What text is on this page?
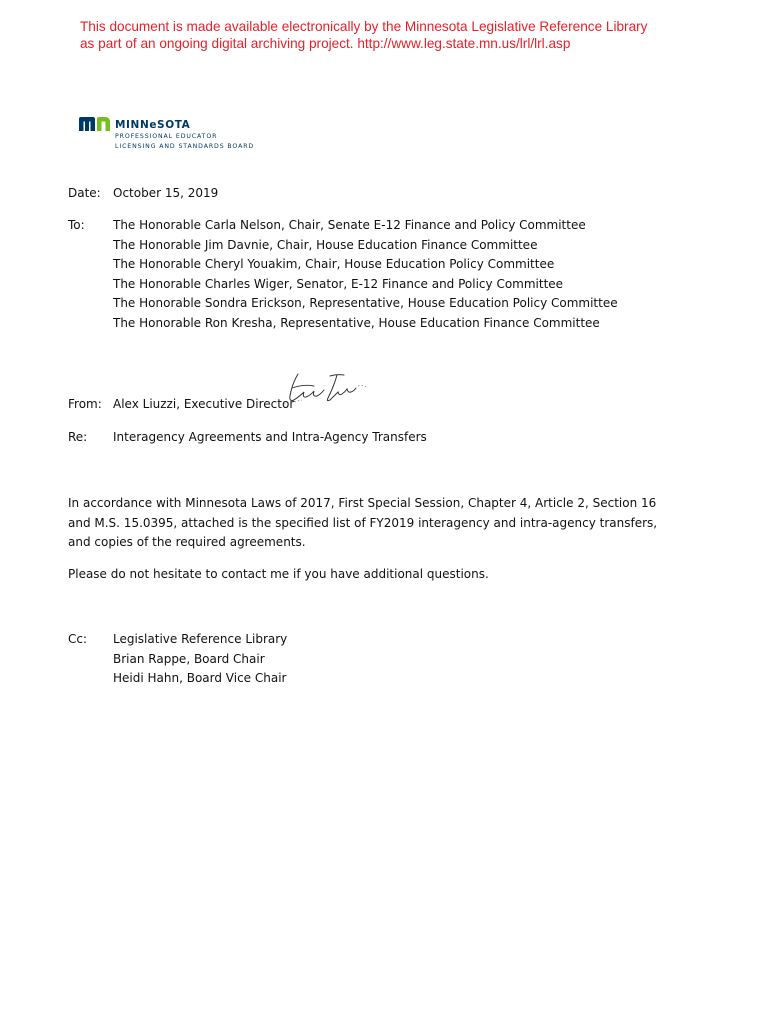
This document is made available electronically by the Minnesota Legislative Reference Library
as part of an ongoing digital archiving project. http://www.leg.state.mn.us/lrl/lrl.asp
MINNeSOTA
PROFESSIONAL EDUCATOR
LICENSING AND STANDARDS BOARD
Date: October 15, 2019
To: The Honorable Carla Nelson, Chair, Senate E-12 Finance and Policy Committee
The Honorable Jim Davnie, Chair, House Education Finance Committee
The Honorable Cheryl Youakim, Chair, House Education Policy Committee
The Honorable Charles Wiger, Senator, E-12 Finance and Policy Committee
The Honorable Sondra Erickson, Representative, House Education Policy Committee
The Honorable Ron Kresha, Representative, House Education Finance Committee
From: Alex Liuzzi, Executive Director
Re: Interagency Agreements and Intra-Agency Transfers
In accordance with Minnesota Laws of 2017, First Special Session, Chapter 4, Article 2, Section 16 and M.S. 15.0395, attached is the specified list of FY2019 interagency and intra-agency transfers, and copies of the required agreements.
Please do not hesitate to contact me if you have additional questions.
Cc: Legislative Reference Library
Brian Rappe, Board Chair
Heidi Hahn, Board Vice Chair
